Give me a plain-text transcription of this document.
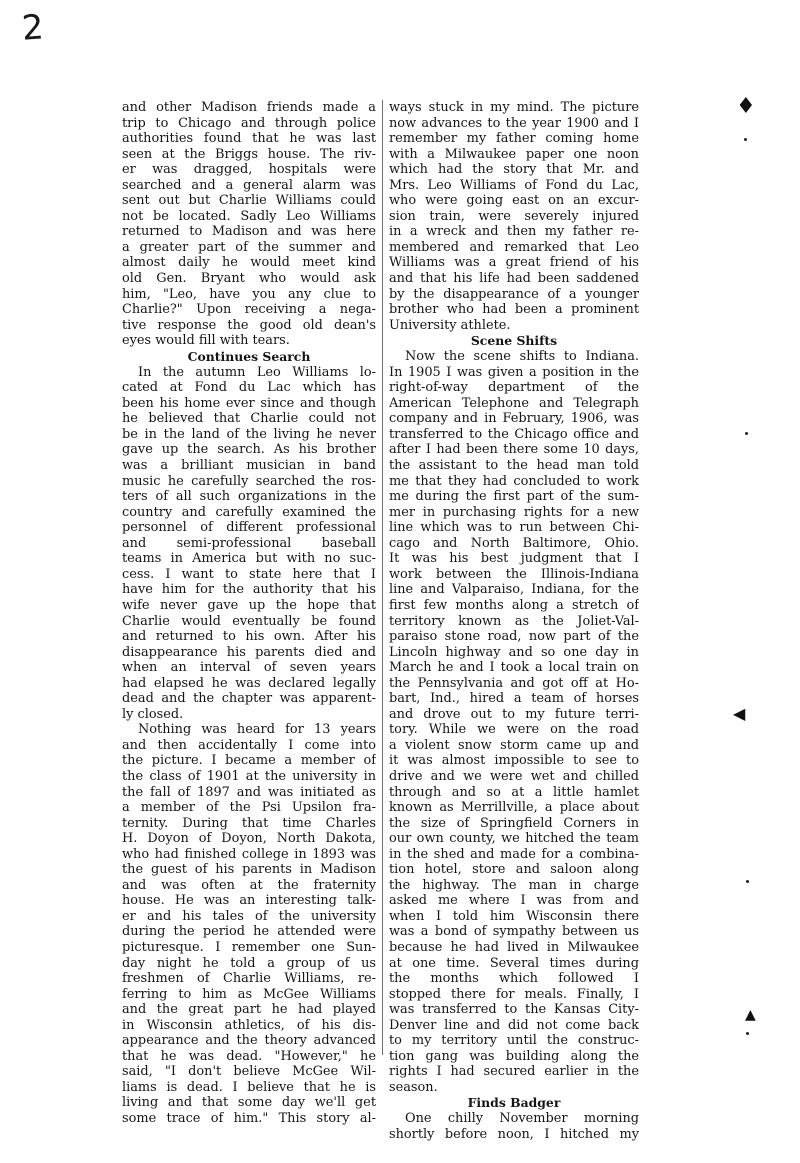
2
and other Madison friends made a
trip to Chicago and through police
authorities found that he was last
seen at the Briggs house. The riv-
er was dragged, hospitals were
searched and a general alarm was
sent out but Charlie Williams could
not be located. Sadly Leo Williams
returned to Madison and was here
a greater part of the summer and
almost daily he would meet kind
old Gen. Bryant who would ask
him, "Leo, have you any clue to
Charlie?" Upon receiving a nega-
tive response the good old dean's
eyes would fill with tears.
Continues Search
In the autumn Leo Williams lo-
cated at Fond du Lac which has
been his home ever since and though
he believed that Charlie could not
be in the land of the living he never
gave up the search. As his brother
was a brilliant musician in band
music he carefully searched the ros-
ters of all such organizations in the
country and carefully examined the
personnel of different professional
and semi-professional baseball
teams in America but with no suc-
cess. I want to state here that I
have him for the authority that his
wife never gave up the hope that
Charlie would eventually be found
and returned to his own. After his
disappearance his parents died and
when an interval of seven years
had elapsed he was declared legally
dead and the chapter was apparent-
ly closed.
Nothing was heard for 13 years
and then accidentally I come into
the picture. I became a member of
the class of 1901 at the university in
the fall of 1897 and was initiated as
a member of the Psi Upsilon fra-
ternity. During that time Charles
H. Doyon of Doyon, North Dakota,
who had finished college in 1893 was
the guest of his parents in Madison
and was often at the fraternity
house. He was an interesting talk-
er and his tales of the university
during the period he attended were
picturesque. I remember one Sun-
day night he told a group of us
freshmen of Charlie Williams, re-
ferring to him as McGee Williams
and the great part he had played
in Wisconsin athletics, of his dis-
appearance and the theory advanced
that he was dead. "However," he
said, "I don't believe McGee Wil-
liams is dead. I believe that he is
living and that some day we'll get
some trace of him." This story al-
ways stuck in my mind. The picture
now advances to the year 1900 and I
remember my father coming home
with a Milwaukee paper one noon
which had the story that Mr. and
Mrs. Leo Williams of Fond du Lac,
who were going east on an excur-
sion train, were severely injured
in a wreck and then my father re-
membered and remarked that Leo
Williams was a great friend of his
and that his life had been saddened
by the disappearance of a younger
brother who had been a prominent
University athlete.
Scene Shifts
Now the scene shifts to Indiana.
In 1905 I was given a position in the
right-of-way department of the
American Telephone and Telegraph
company and in February, 1906, was
transferred to the Chicago office and
after I had been there some 10 days,
the assistant to the head man told
me that they had concluded to work
me during the first part of the sum-
mer in purchasing rights for a new
line which was to run between Chi-
cago and North Baltimore, Ohio.
It was his best judgment that I
work between the Illinois-Indiana
line and Valparaiso, Indiana, for the
first few months along a stretch of
territory known as the Joliet-Val-
paraiso stone road, now part of the
Lincoln highway and so one day in
March he and I took a local train on
the Pennsylvania and got off at Ho-
bart, Ind., hired a team of horses
and drove out to my future terri-
tory. While we were on the road
a violent snow storm came up and
it was almost impossible to see to
drive and we were wet and chilled
through and so at a little hamlet
known as Merrillville, a place about
the size of Springfield Corners in
our own county, we hitched the team
in the shed and made for a combina-
tion hotel, store and saloon along
the highway. The man in charge
asked me where I was from and
when I told him Wisconsin there
was a bond of sympathy between us
because he had lived in Milwaukee
at one time. Several times during
the months which followed I
stopped there for meals. Finally, I
was transferred to the Kansas City-
Denver line and did not come back
to my territory until the construc-
tion gang was building along the
rights I had secured earlier in the
season.
Finds Badger
One chilly November morning
shortly before noon, I hitched my
♦
◀
▲
